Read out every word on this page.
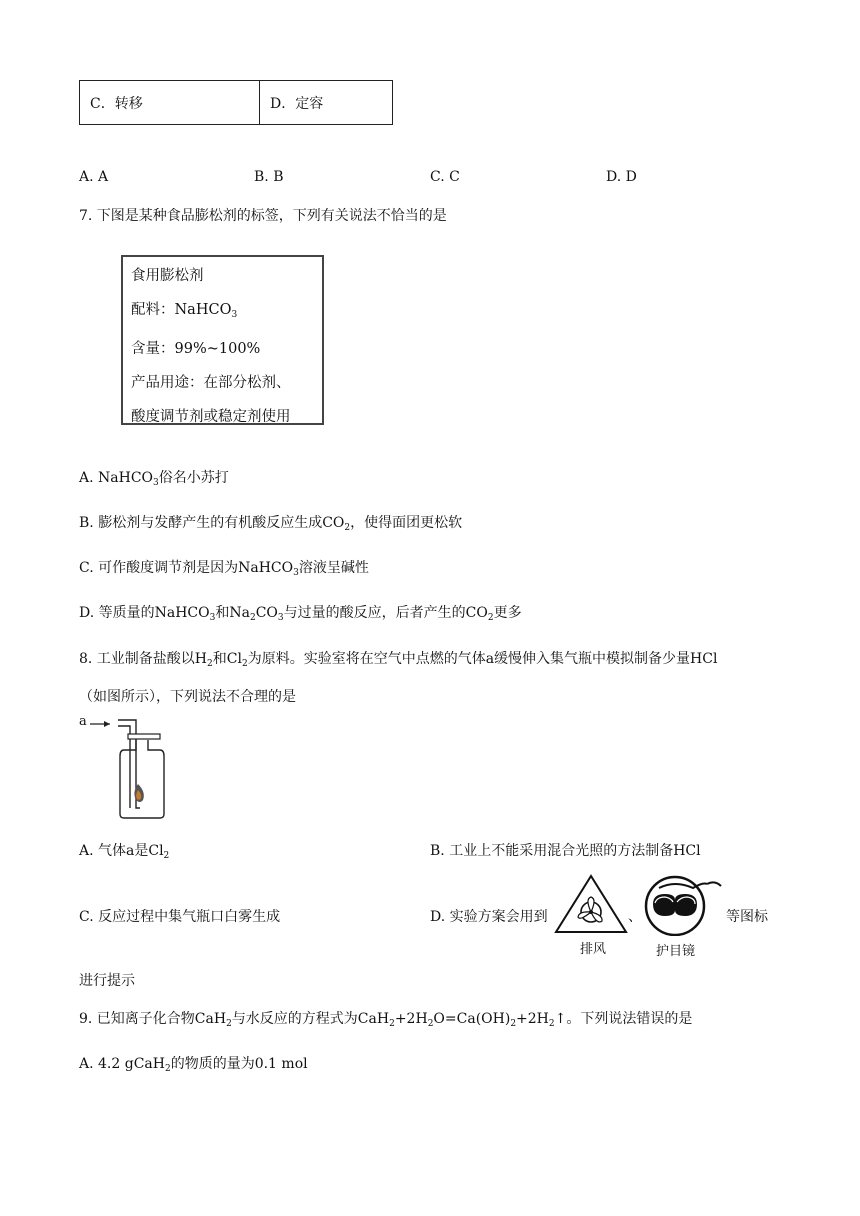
C．转移	D．定容
A. A	B. B	C. C	D. D
7. 下图是某种食品膨松剂的标签，下列有关说法不恰当的是
食用膨松剂
配料：NaHCO$_3$
含量：99%~100%
产品用途：在部分松剂、
酸度调节剂或稳定剂使用
A. NaHCO$_3$俗名小苏打
B. 膨松剂与发酵产生的有机酸反应生成$CO_2$，使得面团更松软
C. 可作酸度调节剂是因为NaHCO$_3$溶液呈碱性
D. 等质量的NaHCO$_3$和$Na_2CO_3$与过量的酸反应，后者产生的$CO_2$更多
8. 工业制备盐酸以$H_2$和$Cl_2$为原料。实验室将在空气中点燃的气体a缓慢伸入集气瓶中模拟制备少量HCl
（如图所示），下列说法不合理的是
a
A. 气体a是$Cl_2$	B. 工业上不能采用混合光照的方法制备HCl
C. 反应过程中集气瓶口白雾生成	D. 实验方案会用到
排风
、
护目镜
等图标
进行提示
9. 已知离子化合物CaH$_2$与水反应的方程式为$CaH_2+2H_2O=Ca(OH)_2+2H_2↑$。下列说法错误的是
A. 4.2 gCaH$_2$的物质的量为0.1 mol
